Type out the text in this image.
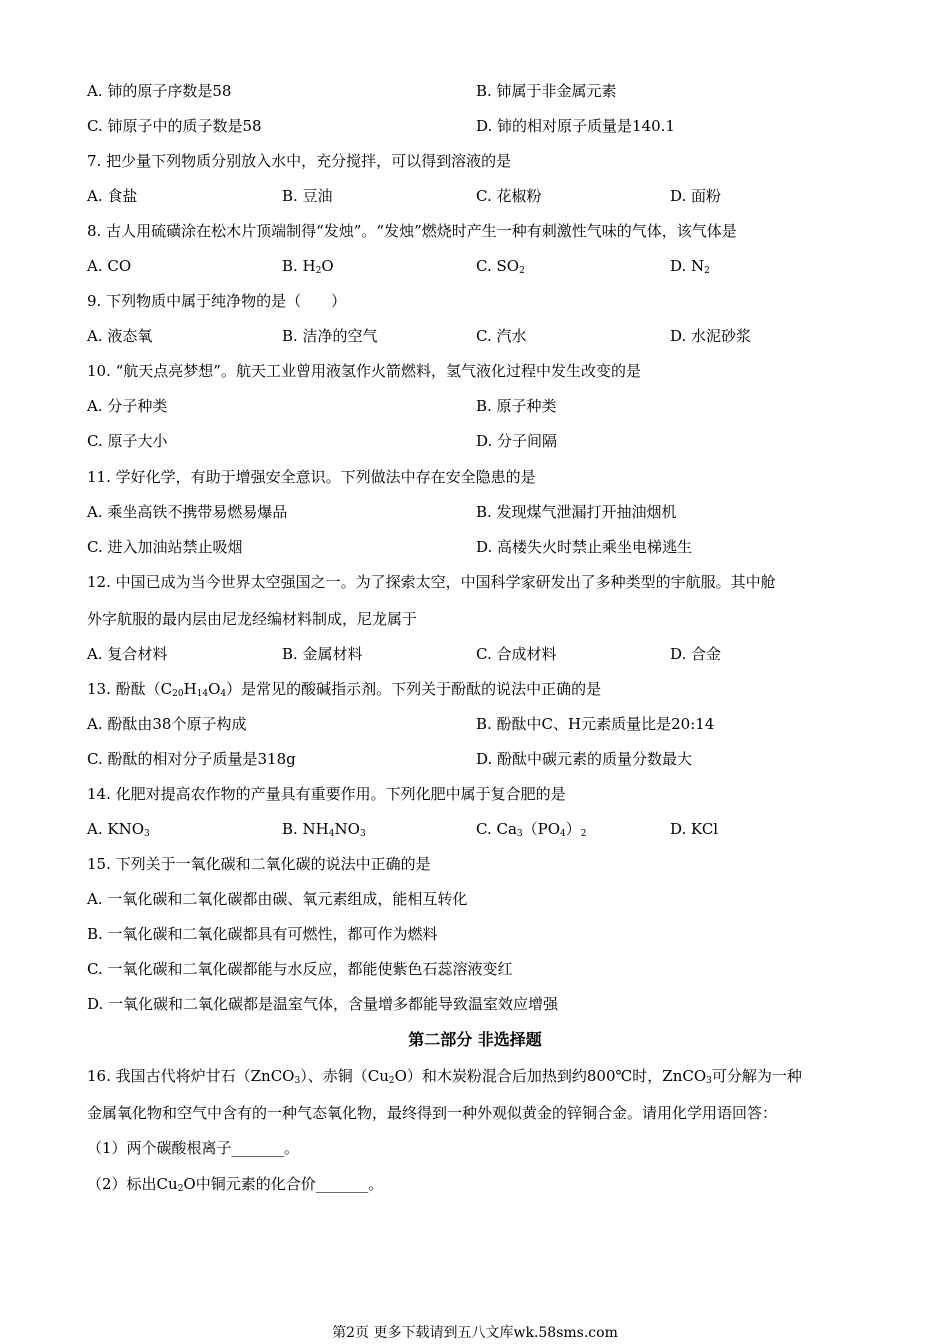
A. 铈的原子序数是58	B. 铈属于非金属元素
C. 铈原子中的质子数是58	D. 铈的相对原子质量是140.1
7. 把少量下列物质分别放入水中，充分搅拌，可以得到溶液的是
A. 食盐	B. 豆油	C. 花椒粉	D. 面粉
8. 古人用硫磺涂在松木片顶端制得“发烛”。“发烛”燃烧时产生一种有刺激性气味的气体，该气体是
A. CO	B. $H_2O$	C. $SO_2$	D. $N_2$
9. 下列物质中属于纯净物的是（　　）
A. 液态氧	B. 洁净的空气	C. 汽水	D. 水泥砂浆
10. “航天点亮梦想”。航天工业曾用液氢作火箭燃料，氢气液化过程中发生改变的是
A. 分子种类	B. 原子种类
C. 原子大小	D. 分子间隔
11. 学好化学，有助于增强安全意识。下列做法中存在安全隐患的是
A. 乘坐高铁不携带易燃易爆品	B. 发现煤气泄漏打开抽油烟机
C. 进入加油站禁止吸烟	D. 高楼失火时禁止乘坐电梯逃生
12. 中国已成为当今世界太空强国之一。为了探索太空，中国科学家研发出了多种类型的宇航服。其中舱
外字航服的最内层由尼龙经编材料制成，尼龙属于
A. 复合材料	B. 金属材料	C. 合成材料	D. 合金
13. 酚酞$(C_{20}H_{14}O_4)$是常见的酸碱指示剂。下列关于酚酞的说法中正确的是
A. 酚酞由38个原子构成	B. 酚酞中C、H元素质量比是20:14
C. 酚酞的相对分子质量是318g	D. 酚酞中碳元素的质量分数最大
14. 化肥对提高农作物的产量具有重要作用。下列化肥中属于复合肥的是
A. $KNO_3$	B. $NH_4NO_3$	C. $Ca_3(PO_4)_2$	D. KCl
15. 下列关于一氧化碳和二氧化碳的说法中正确的是
A. 一氧化碳和二氧化碳都由碳、氧元素组成，能相互转化
B. 一氧化碳和二氧化碳都具有可燃性，都可作为燃料
C. 一氧化碳和二氧化碳都能与水反应，都能使紫色石蕊溶液变红
D. 一氧化碳和二氧化碳都是温室气体，含量增多都能导致温室效应增强
第二部分 非选择题
16. 我国古代将炉甘石（ZnCO$_3$）、赤铜$(Cu_2O)$和木炭粉混合后加热到约800℃时，ZnCO$_3$可分解为一种
金属氧化物和空气中含有的一种气态氧化物，最终得到一种外观似黄金的锌铜合金。请用化学用语回答：
（1）两个碳酸根离子_______。
（2）标出$Cu_2O$中铜元素的化合价_______。
第2页 更多下载请到五八文库wk.58sms.com
